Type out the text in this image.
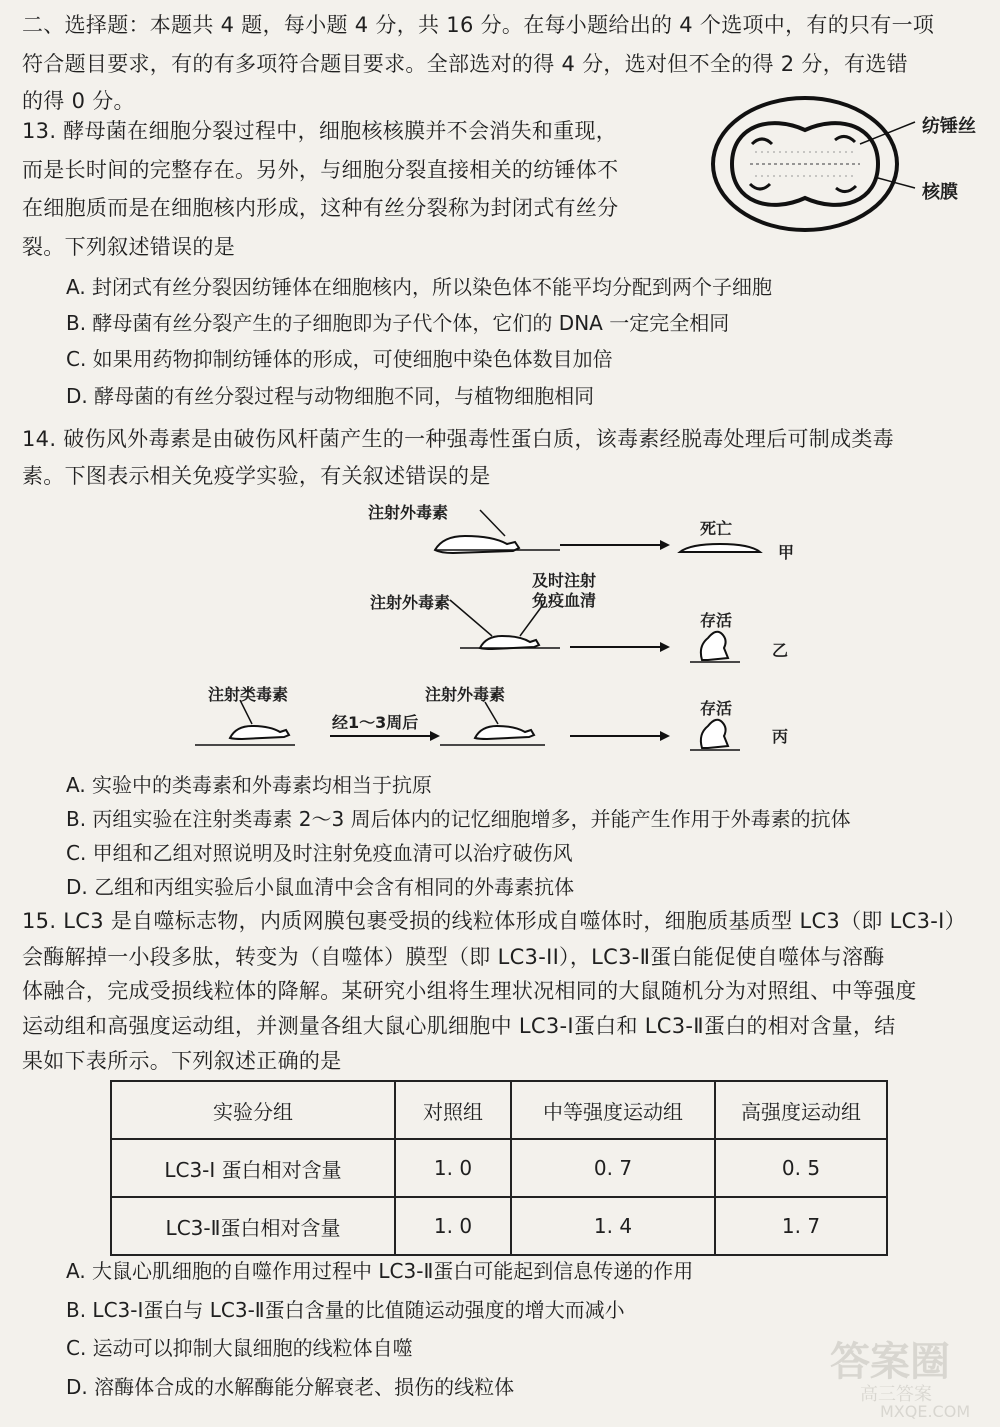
二、选择题：本题共 4 题，每小题 4 分，共 16 分。在每小题给出的 4 个选项中，有的只有一项
符合题目要求，有的有多项符合题目要求。全部选对的得 4 分，选对但不全的得 2 分，有选错
的得 0 分。
13. 酵母菌在细胞分裂过程中，细胞核核膜并不会消失和重现，
而是长时间的完整存在。另外，与细胞分裂直接相关的纺锤体不
在细胞质而是在细胞核内形成，这种有丝分裂称为封闭式有丝分
裂。下列叙述错误的是
纺锤丝
核膜
A. 封闭式有丝分裂因纺锤体在细胞核内，所以染色体不能平均分配到两个子细胞
B. 酵母菌有丝分裂产生的子细胞即为子代个体，它们的 DNA 一定完全相同
C. 如果用药物抑制纺锤体的形成，可使细胞中染色体数目加倍
D. 酵母菌的有丝分裂过程与动物细胞不同，与植物细胞相同
14. 破伤风外毒素是由破伤风杆菌产生的一种强毒性蛋白质，该毒素经脱毒处理后可制成类毒
素。下图表示相关免疫学实验，有关叙述错误的是
注射外毒素
死亡
甲
注射外毒素
及时注射
免疫血清
存活
乙
注射类毒素
经1～3周后
注射外毒素
存活
丙
A. 实验中的类毒素和外毒素均相当于抗原
B. 丙组实验在注射类毒素 2～3 周后体内的记忆细胞增多，并能产生作用于外毒素的抗体
C. 甲组和乙组对照说明及时注射免疫血清可以治疗破伤风
D. 乙组和丙组实验后小鼠血清中会含有相同的外毒素抗体
15. LC3 是自噬标志物，内质网膜包裹受损的线粒体形成自噬体时，细胞质基质型 LC3（即 LC3-I）
会酶解掉一小段多肽，转变为（自噬体）膜型（即 LC3-II），LC3-Ⅱ蛋白能促使自噬体与溶酶
体融合，完成受损线粒体的降解。某研究小组将生理状况相同的大鼠随机分为对照组、中等强度
运动组和高强度运动组，并测量各组大鼠心肌细胞中 LC3-Ⅰ蛋白和 LC3-Ⅱ蛋白的相对含量，结
果如下表所示。下列叙述正确的是
实验分组	对照组	中等强度运动组	高强度运动组
LC3-Ⅰ 蛋白相对含量	1. 0	0. 7	0. 5
LC3-Ⅱ蛋白相对含量	1. 0	1. 4	1. 7
A. 大鼠心肌细胞的自噬作用过程中 LC3-Ⅱ蛋白可能起到信息传递的作用
B. LC3-Ⅰ蛋白与 LC3-Ⅱ蛋白含量的比值随运动强度的增大而减小
C. 运动可以抑制大鼠细胞的线粒体自噬
D. 溶酶体合成的水解酶能分解衰老、损伤的线粒体
答案圈
高三答案
MXQE.COM
